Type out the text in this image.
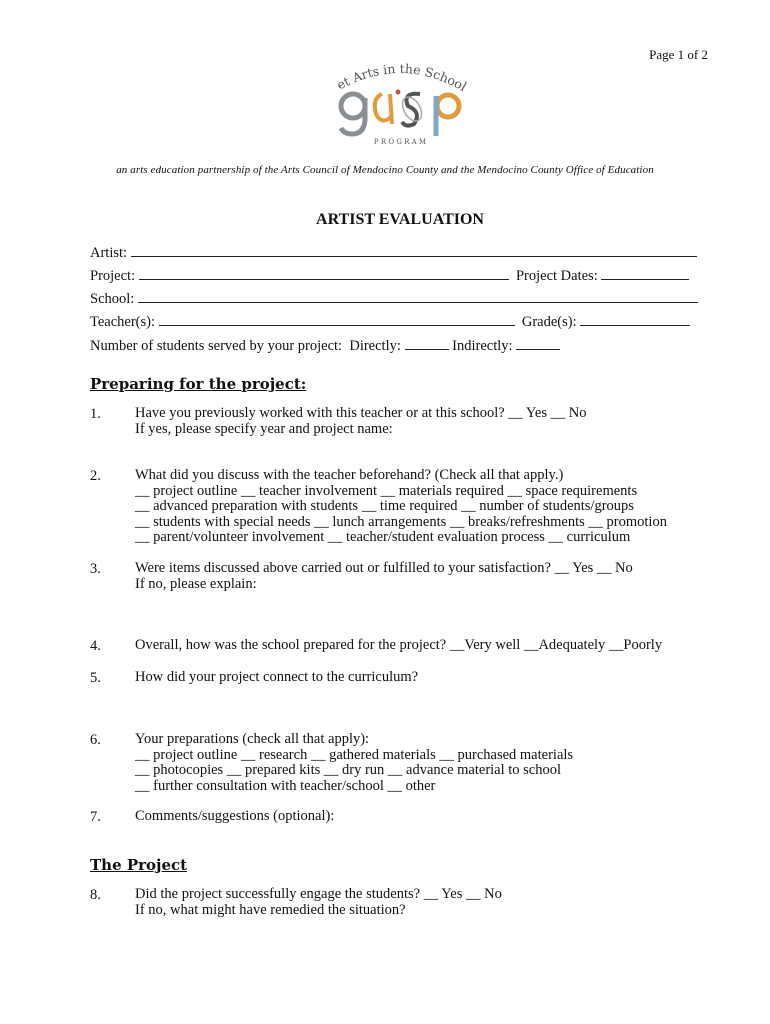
Page 1 of 2
et Arts in the School
P R O G R A M
an arts education partnership of the Arts Council of Mendocino County and the Mendocino County Office of Education
ARTIST EVALUATION
Artist:
Project:	Project Dates:
School:
Teacher(s):	Grade(s):
Number of students served by your project: Directly:	Indirectly:
Preparing for the project:
1. Have you previously worked with this teacher or at this school? __ Yes __ No
If yes, please specify year and project name:
2. What did you discuss with the teacher beforehand? (Check all that apply.)
__ project outline __ teacher involvement __ materials required __ space requirements
__ advanced preparation with students __ time required __ number of students/groups
__ students with special needs __ lunch arrangements __ breaks/refreshments __ promotion
__ parent/volunteer involvement __ teacher/student evaluation process __ curriculum
3. Were items discussed above carried out or fulfilled to your satisfaction? __ Yes __ No
If no, please explain:
4. Overall, how was the school prepared for the project? __Very well __Adequately __Poorly
5. How did your project connect to the curriculum?
6. Your preparations (check all that apply):
__ project outline __ research __ gathered materials __ purchased materials
__ photocopies __ prepared kits __ dry run __ advance material to school
__ further consultation with teacher/school __ other
7. Comments/suggestions (optional):
The Project
8. Did the project successfully engage the students? __ Yes __ No
If no, what might have remedied the situation?
